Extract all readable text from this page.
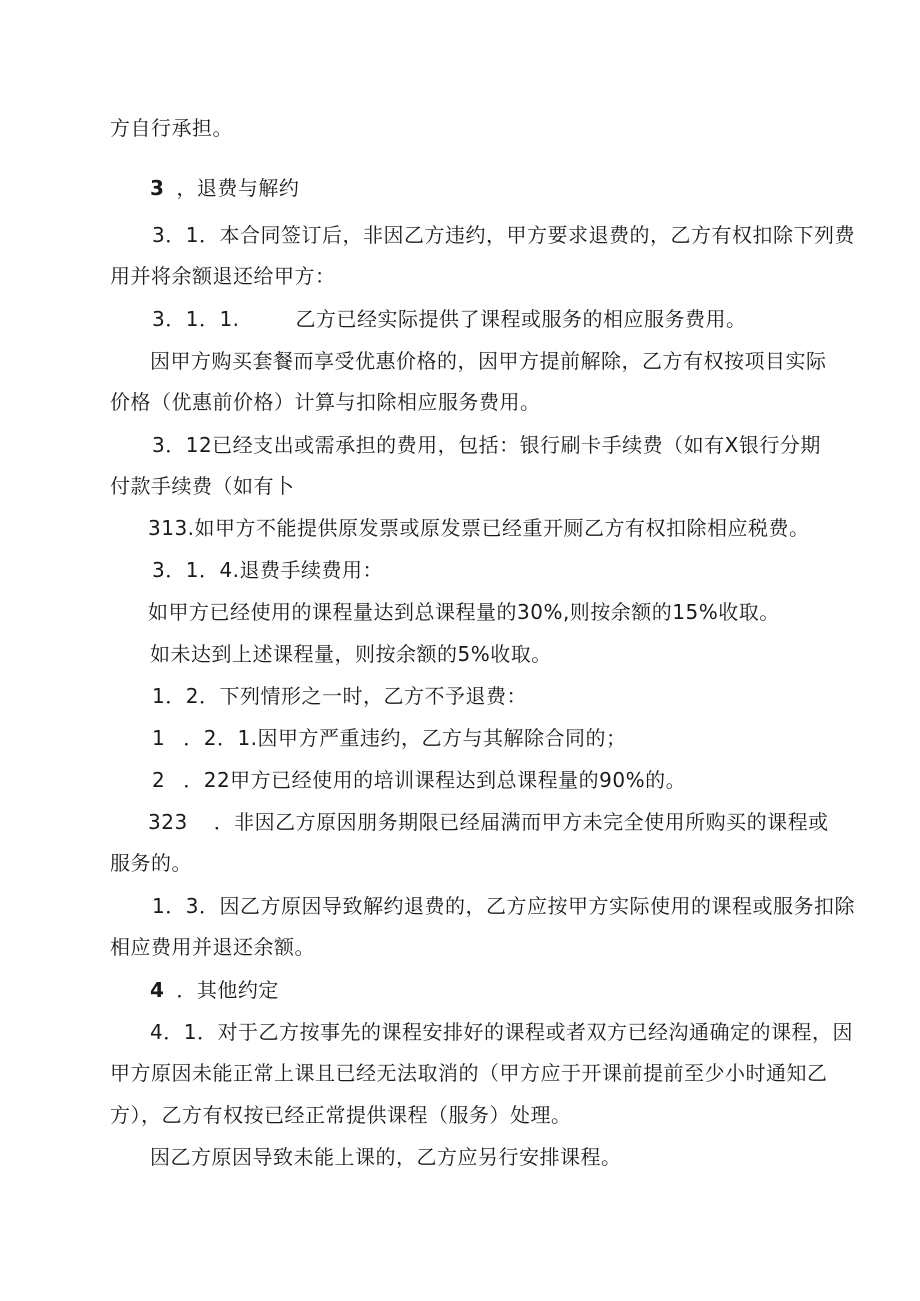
方自行承担。
3 ，退费与解约
3．1．本合同签订后，非因乙方违约，甲方要求退费的，乙方有权扣除下列费
用并将余额退还给甲方：
3．1．1.	乙方已经实际提供了课程或服务的相应服务费用。
因甲方购买套餐而享受优惠价格的，因甲方提前解除，乙方有权按项目实际
价格（优惠前价格）计算与扣除相应服务费用。
3．12已经支出或需承担的费用，包括：银行刷卡手续费（如有X银行分期
付款手续费（如有卜
313.如甲方不能提供原发票或原发票已经重开厕乙方有权扣除相应税费。
3．1．4.退费手续费用：
如甲方已经使用的课程量达到总课程量的30%,则按余额的15%收取。
如未达到上述课程量，则按余额的5%收取。
1．2．下列情形之一时，乙方不予退费：
1 ．2．1.因甲方严重违约，乙方与其解除合同的；
2 ．22甲方已经使用的培训课程达到总课程量的90%的。
323 ．非因乙方原因朋务期限已经届满而甲方未完全使用所购买的课程或
服务的。
1．3．因乙方原因导致解约退费的，乙方应按甲方实际使用的课程或服务扣除
相应费用并退还余额。
4 ．其他约定
4．1．对于乙方按事先的课程安排好的课程或者双方已经沟通确定的课程，因
甲方原因未能正常上课且已经无法取消的（甲方应于开课前提前至少小时通知乙
方），乙方有权按已经正常提供课程（服务）处理。
因乙方原因导致未能上课的，乙方应另行安排课程。
